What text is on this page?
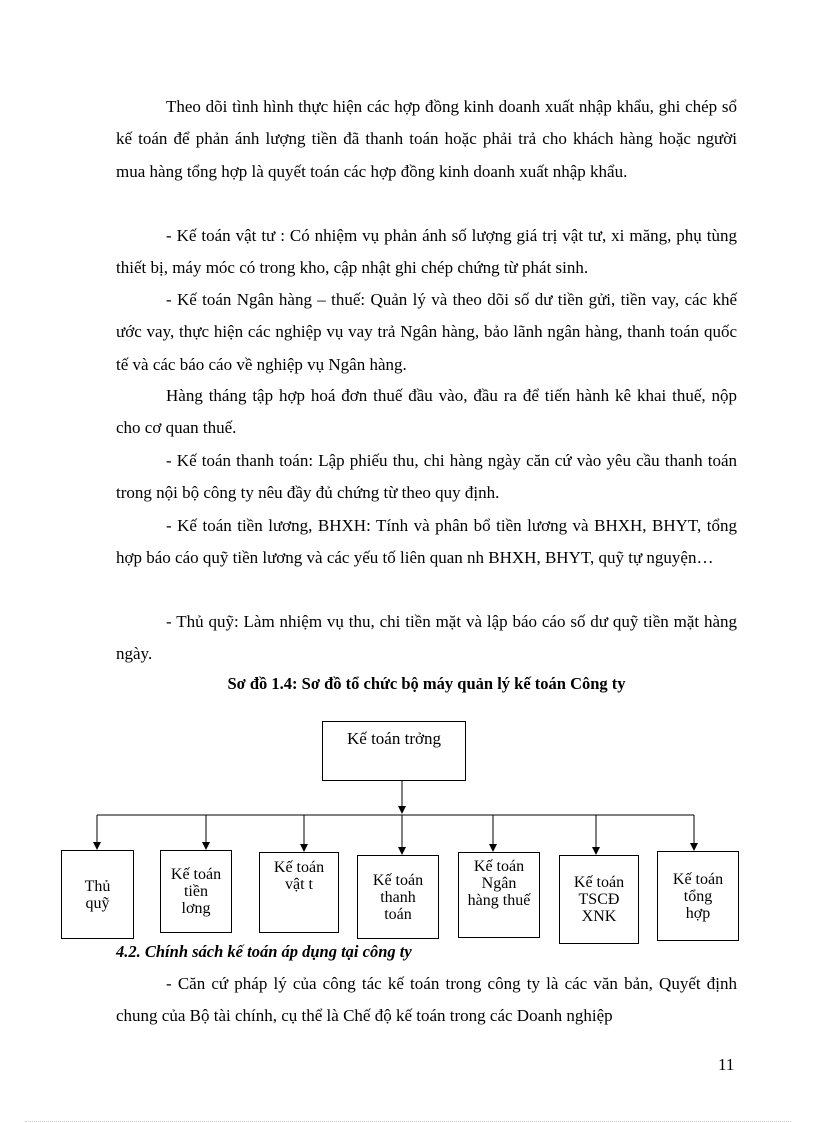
Theo dõi tình hình thực hiện các hợp đồng kinh doanh xuất nhập khẩu, ghi chép sổ kế toán để phản ánh lượng tiền đã thanh toán hoặc phải trả cho khách hàng hoặc người mua hàng tổng hợp là quyết toán các hợp đồng kinh doanh xuất nhập khẩu.

- Kế toán vật tư : Có nhiệm vụ phản ánh số lượng giá trị vật tư, xi măng, phụ tùng thiết bị, máy móc có trong kho, cập nhật ghi chép chứng từ phát sinh.

- Kế toán Ngân hàng – thuế: Quản lý và theo dõi số dư tiền gửi, tiền vay, các khế ước vay, thực hiện các nghiệp vụ vay trả Ngân hàng, bảo lãnh ngân hàng, thanh toán quốc tế và các báo cáo về nghiệp vụ Ngân hàng.

Hàng tháng tập hợp hoá đơn thuế đầu vào, đầu ra để tiến hành kê khai thuế, nộp cho cơ quan thuế.

- Kế toán thanh toán: Lập phiếu thu, chi hàng ngày căn cứ vào yêu cầu thanh toán trong nội bộ công ty nêu đầy đủ chứng từ theo quy định.

- Kế toán tiền lương, BHXH: Tính và phân bổ tiền lương và BHXH, BHYT, tổng hợp báo cáo quỹ tiền lương và các yếu tố liên quan nh BHXH, BHYT, quỹ tự nguyện…

- Thủ quỹ: Làm nhiệm vụ thu, chi tiền mặt và lập báo cáo số dư quỹ tiền mặt hàng ngày.

Sơ đồ 1.4: Sơ đồ tổ chức bộ máy quản lý kế toán Công ty

Kế toán trởng
Thủ
quỹ
Kế toán
tiền
lơng
Kế toán
vật t	Kế toán
thanh
toán
Kế toán
Ngân
hàng thuế
Kế toán
TSCĐ
XNK
Kế toán
tổng
hợp

4.2. Chính sách kế toán áp dụng tại công ty

- Căn cứ pháp lý của công tác kế toán trong công ty là các văn bản, Quyết định chung của Bộ tài chính, cụ thể là Chế độ kế toán trong các Doanh nghiệp

11
